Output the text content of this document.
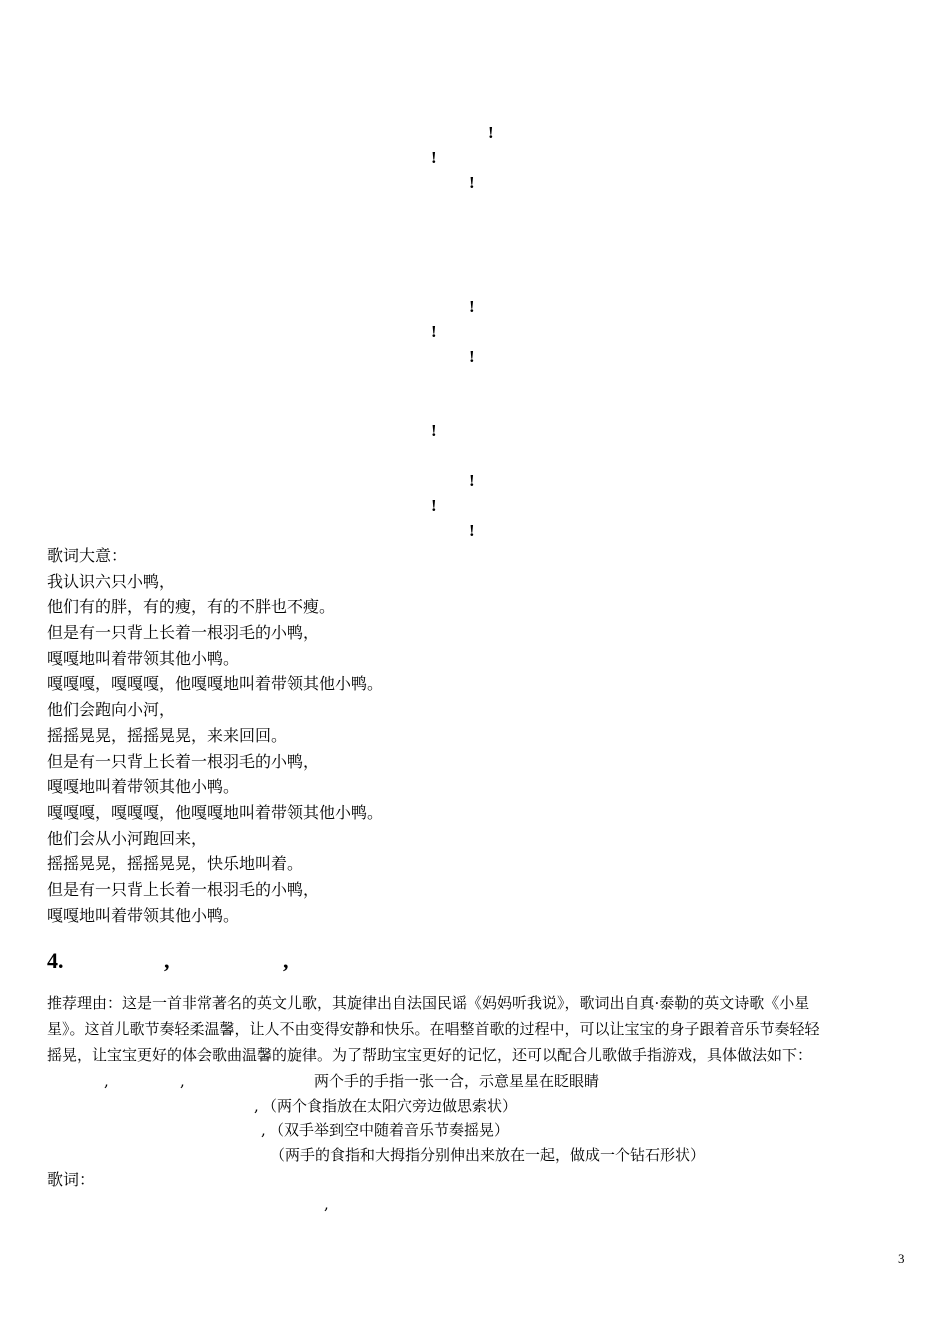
!
!
!
!
!
!
!
!
!
!
歌词大意：
我认识六只小鸭，
他们有的胖，有的瘦，有的不胖也不瘦。
但是有一只背上长着一根羽毛的小鸭，
嘎嘎地叫着带领其他小鸭。
嘎嘎嘎，嘎嘎嘎，他嘎嘎地叫着带领其他小鸭。
他们会跑向小河，
摇摇晃晃，摇摇晃晃，来来回回。
但是有一只背上长着一根羽毛的小鸭，
嘎嘎地叫着带领其他小鸭。
嘎嘎嘎，嘎嘎嘎，他嘎嘎地叫着带领其他小鸭。
他们会从小河跑回来，
摇摇晃晃，摇摇晃晃，快乐地叫着。
但是有一只背上长着一根羽毛的小鸭，
嘎嘎地叫着带领其他小鸭。
4.	,	,
推荐理由：这是一首非常著名的英文儿歌，其旋律出自法国民谣《妈妈听我说》，歌词出自真·泰勒的英文诗歌《小星
星》。这首儿歌节奏轻柔温馨，让人不由变得安静和快乐。在唱整首歌的过程中，可以让宝宝的身子跟着音乐节奏轻轻
摇晃，让宝宝更好的体会歌曲温馨的旋律。为了帮助宝宝更好的记忆，还可以配合儿歌做手指游戏，具体做法如下：
,	,	两个手的手指一张一合，示意星星在眨眼睛
, （两个食指放在太阳穴旁边做思索状）
, （双手举到空中随着音乐节奏摇晃）
（两手的食指和大拇指分别伸出来放在一起，做成一个钻石形状）
歌词：
,
3
